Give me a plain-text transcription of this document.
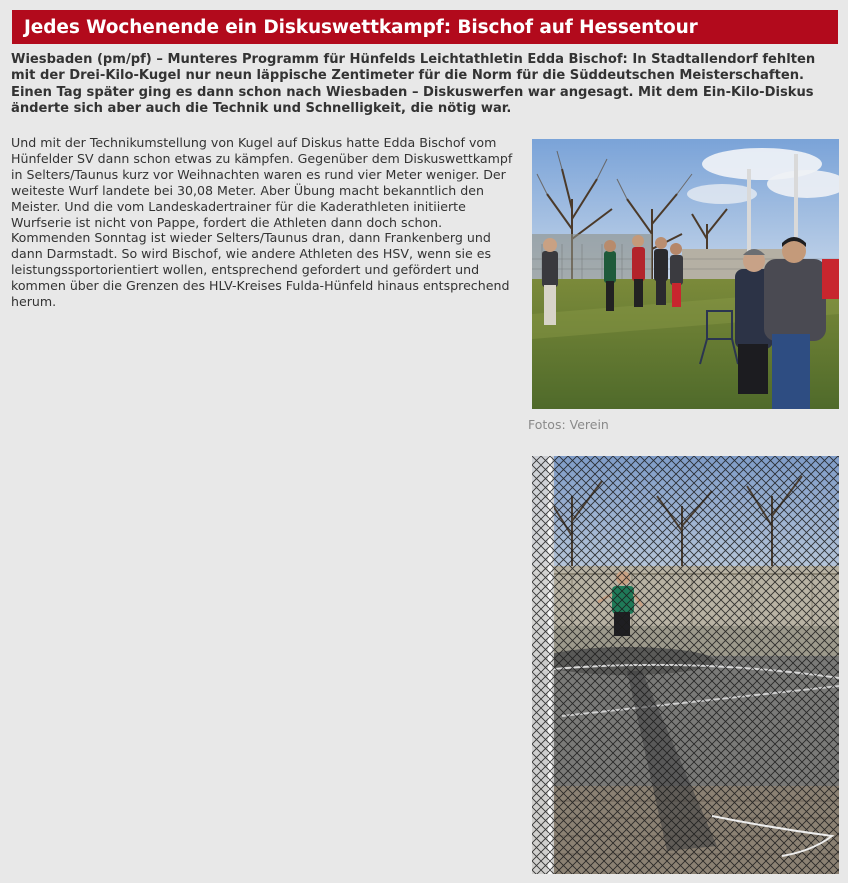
Jedes Wochenende ein Diskuswettkampf: Bischof auf Hessentour

Wiesbaden (pm/pf) – Munteres Programm für Hünfelds Leichtathletin Edda Bischof: In Stadtallendorf fehlten mit der Drei-Kilo-Kugel nur neun läppische Zentimeter für die Norm für die Süddeutschen Meisterschaften. Einen Tag später ging es dann schon nach Wiesbaden – Diskuswerfen war angesagt. Mit dem Ein-Kilo-Diskus änderte sich aber auch die Technik und Schnelligkeit, die nötig war.

Und mit der Technikumstellung von Kugel auf Diskus hatte Edda Bischof vom Hünfelder SV dann schon etwas zu kämpfen. Gegenüber dem Diskuswettkampf in Selters/Taunus kurz vor Weihnachten waren es rund vier Meter weniger. Der weiteste Wurf landete bei 30,08 Meter. Aber Übung macht bekanntlich den Meister. Und die vom Landeskadertrainer für die Kaderathleten initiierte Wurfserie ist nicht von Pappe, fordert die Athleten dann doch schon. Kommenden Sonntag ist wieder Selters/Taunus dran, dann Frankenberg und dann Darmstadt. So wird Bischof, wie andere Athleten des HSV, wenn sie es leistungssportorientiert wollen, entsprechend gefordert und gefördert und kommen über die Grenzen des HLV-Kreises Fulda-Hünfeld hinaus entsprechend herum.

Fotos: Verein
